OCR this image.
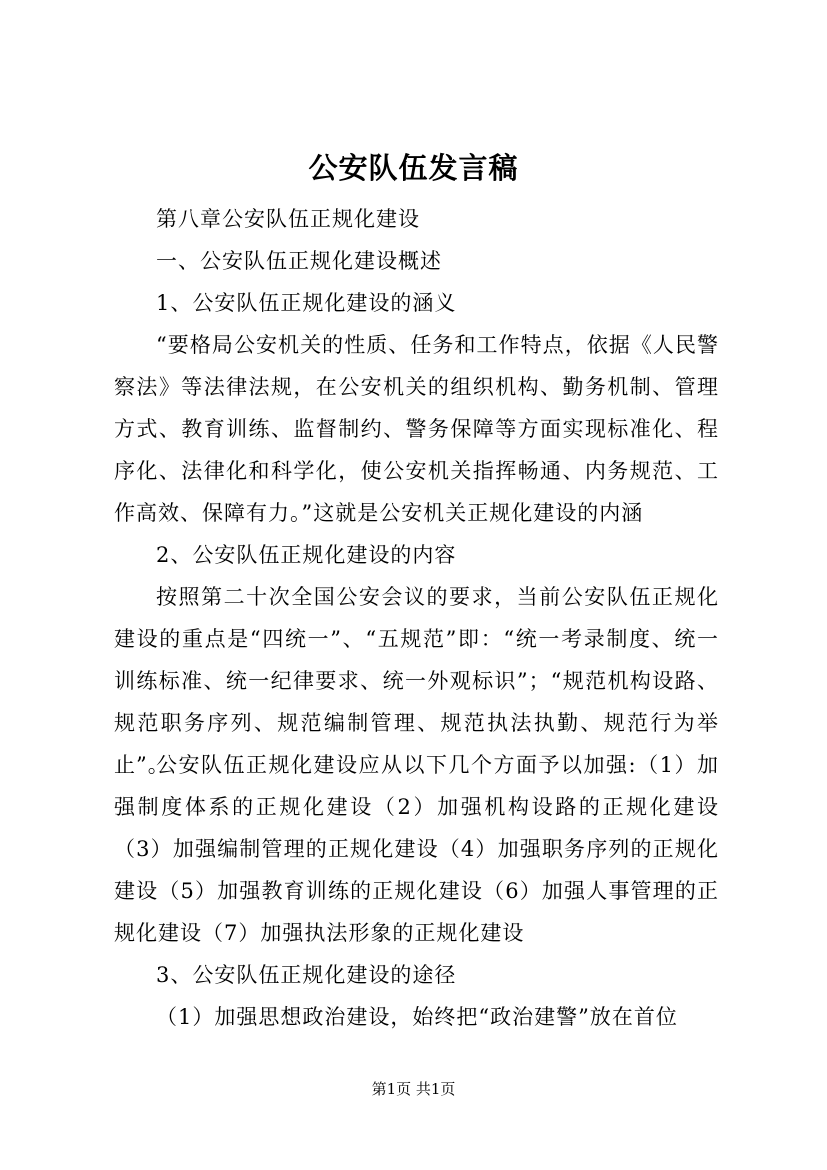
公安队伍发言稿
第八章公安队伍正规化建设
一、公安队伍正规化建设概述
1、公安队伍正规化建设的涵义
“要格局公安机关的性质、任务和工作特点，依据《人民警察法》等法律法规，在公安机关的组织机构、勤务机制、管理方式、教育训练、监督制约、警务保障等方面实现标准化、程序化、法律化和科学化，使公安机关指挥畅通、内务规范、工作高效、保障有力。”这就是公安机关正规化建设的内涵
2、公安队伍正规化建设的内容
按照第二十次全国公安会议的要求，当前公安队伍正规化建设的重点是“四统一”、“五规范”即：“统一考录制度、统一训练标准、统一纪律要求、统一外观标识”；“规范机构设路、规范职务序列、规范编制管理、规范执法执勤、规范行为举止”。
公安队伍正规化建设应从以下几个方面予以加强:（1）加强制度体系的正规化建设（2）加强机构设路的正规化建设（3）加强编制管理的正规化建设（4）加强职务序列的正规化建设（5）加强教育训练的正规化建设（6）加强人事管理的正规化建设（7）加强执法形象的正规化建设
3、公安队伍正规化建设的途径
（1）加强思想政治建设，始终把“政治建警”放在首位
第1页 共1页
